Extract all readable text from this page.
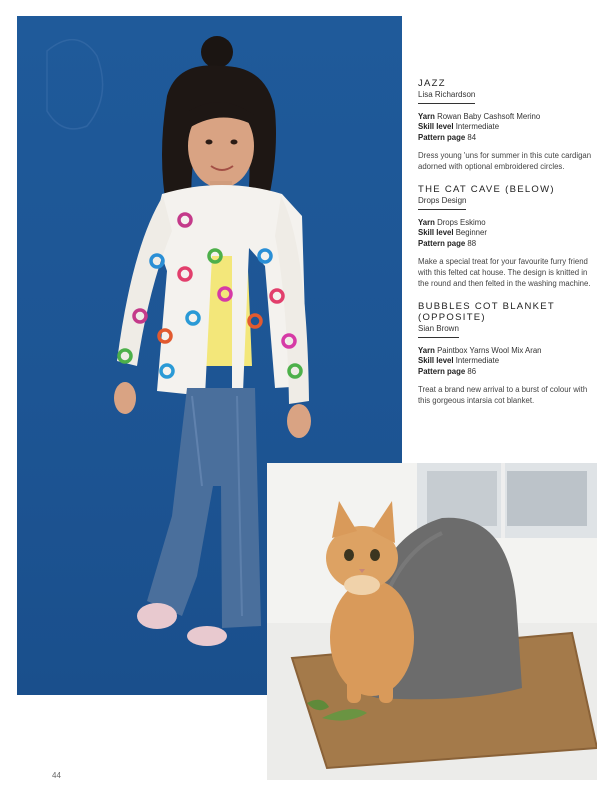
JAZZ
Lisa Richardson
Yarn Rowan Baby Cashsoft Merino
Skill level Intermediate
Pattern page 84
Dress young 'uns for summer in this cute cardigan adorned with optional embroidered circles.
THE CAT CAVE (BELOW)
Drops Design
Yarn Drops Eskimo
Skill level Beginner
Pattern page 88
Make a special treat for your favourite furry friend with this felted cat house. The design is knitted in the round and then felted in the washing machine.
BUBBLES COT BLANKET (OPPOSITE)
Sian Brown
Yarn Paintbox Yarns Wool Mix Aran
Skill level Intermediate
Pattern page 86
Treat a brand new arrival to a burst of colour with this gorgeous intarsia cot blanket.
44
